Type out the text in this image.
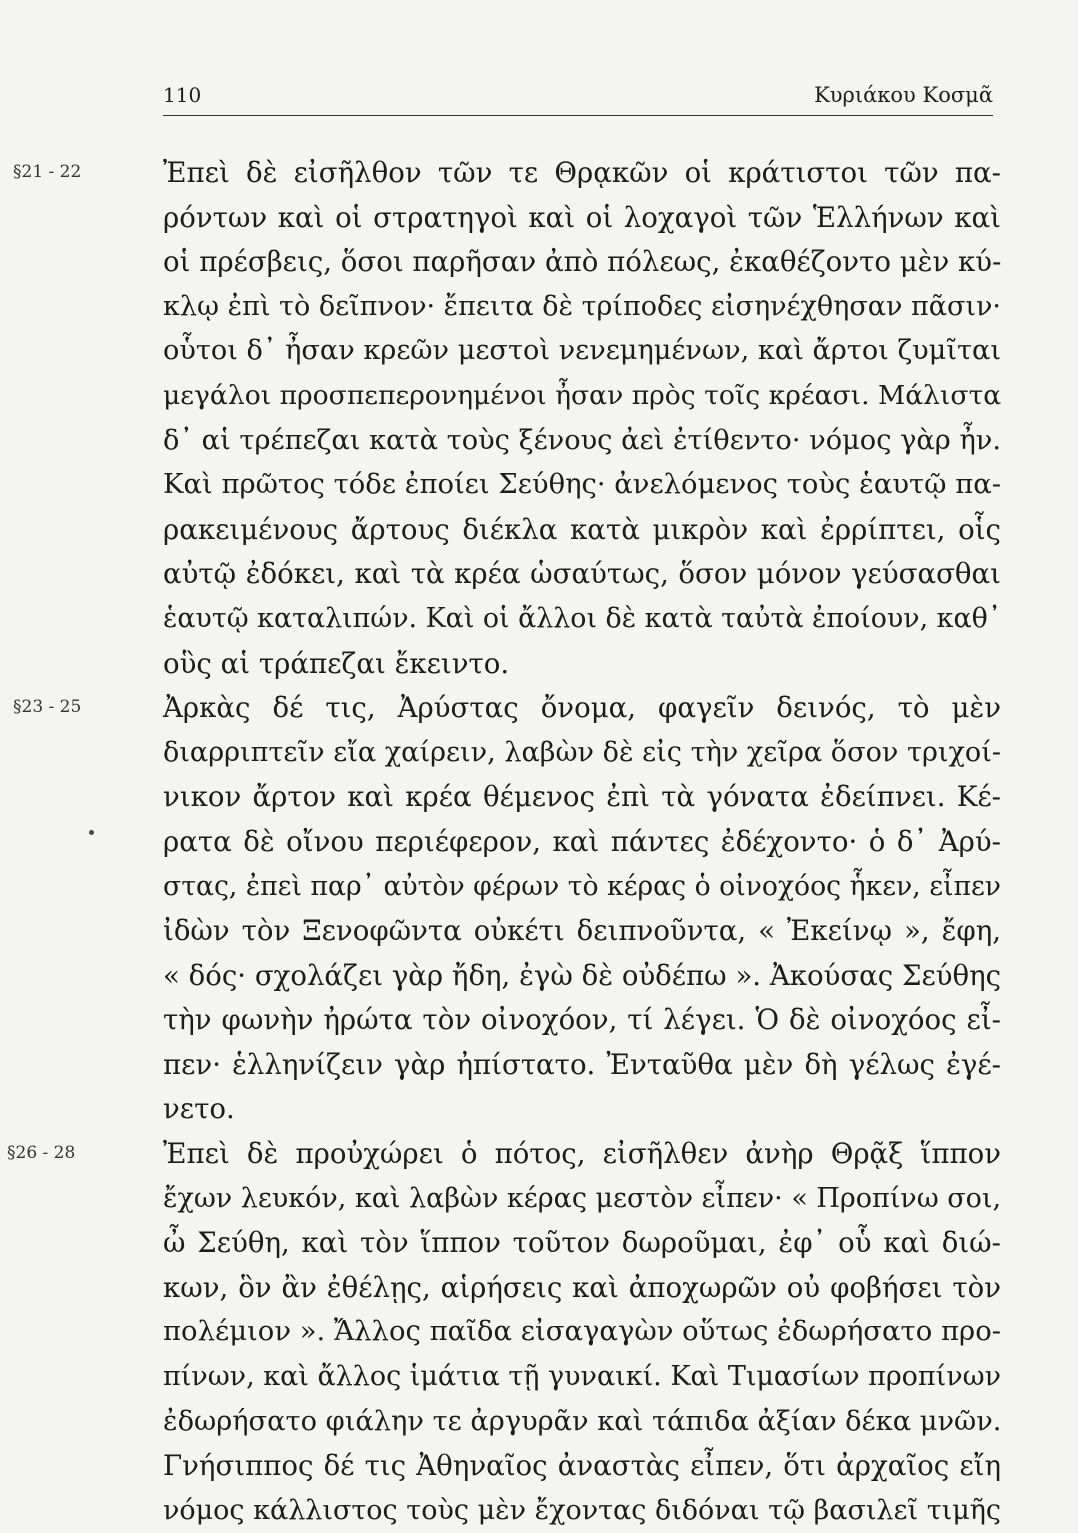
110	Κυριάκου Κοσμᾶ
§21 - 22	Ἐπεὶ δὲ εἰσῆλθον τῶν τε Θρᾳκῶν οἱ κράτιστοι τῶν πα-
ρόντων καὶ οἱ στρατηγοὶ καὶ οἱ λοχαγοὶ τῶν Ἑλλήνων καὶ
οἱ πρέσβεις, ὅσοι παρῆσαν ἀπὸ πόλεως, ἐκαθέζοντο μὲν κύ-
κλῳ ἐπὶ τὸ δεῖπνον· ἔπειτα δὲ τρίποδες εἰσηνέχθησαν πᾶσιν·
οὗτοι δ᾽ ἦσαν κρεῶν μεστοὶ νενεμημένων, καὶ ἄρτοι ζυμῖται
μεγάλοι προσπεπερονημένοι ἦσαν πρὸς τοῖς κρέασι. Μάλιστα
δ᾽ αἱ τρέπεζαι κατὰ τοὺς ξένους ἀεὶ ἐτίθεντο· νόμος γὰρ ἦν.
Καὶ πρῶτος τόδε ἐποίει Σεύθης· ἀνελόμενος τοὺς ἑαυτῷ πα-
ρακειμένους ἄρτους διέκλα κατὰ μικρὸν καὶ ἐρρίπτει, οἷς
αὐτῷ ἐδόκει, καὶ τὰ κρέα ὡσαύτως, ὅσον μόνον γεύσασθαι
ἑαυτῷ καταλιπών. Καὶ οἱ ἄλλοι δὲ κατὰ ταὐτὰ ἐποίουν, καθ᾽
οὓς αἱ τράπεζαι ἔκειντο.
§23 - 25	Ἀρκὰς δέ τις, Ἀρύστας ὄνομα, φαγεῖν δεινός, τὸ μὲν
διαρριπτεῖν εἴα χαίρειν, λαβὼν δὲ εἰς τὴν χεῖρα ὅσον τριχοί-
νικον ἄρτον καὶ κρέα θέμενος ἐπὶ τὰ γόνατα ἐδείπνει. Κέ-
ρατα δὲ οἴνου περιέφερον, καὶ πάντες ἐδέχοντο· ὁ δ᾽ Ἀρύ-
στας, ἐπεὶ παρ᾽ αὐτὸν φέρων τὸ κέρας ὁ οἰνοχόος ἧκεν, εἶπεν
ἰδὼν τὸν Ξενοφῶντα οὐκέτι δειπνοῦντα, « Ἐκείνῳ », ἔφη,
« δός· σχολάζει γὰρ ἤδη, ἐγὼ δὲ οὐδέπω ». Ἀκούσας Σεύθης
τὴν φωνὴν ἠρώτα τὸν οἰνοχόον, τί λέγει. Ὁ δὲ οἰνοχόος εἶ-
πεν· ἑλληνίζειν γὰρ ἠπίστατο. Ἐνταῦθα μὲν δὴ γέλως ἐγέ-
νετο.
§26 - 28	Ἐπεὶ δὲ προὐχώρει ὁ πότος, εἰσῆλθεν ἀνὴρ Θρᾷξ ἵππον
ἔχων λευκόν, καὶ λαβὼν κέρας μεστὸν εἶπεν· « Προπίνω σοι,
ὦ Σεύθη, καὶ τὸν ἵππον τοῦτον δωροῦμαι, ἐφ᾽ οὗ καὶ διώ-
κων, ὃν ἂν ἐθέλῃς, αἱρήσεις καὶ ἀποχωρῶν οὐ φοβήσει τὸν
πολέμιον ». Ἄλλος παῖδα εἰσαγαγὼν οὕτως ἐδωρήσατο προ-
πίνων, καὶ ἄλλος ἱμάτια τῇ γυναικί. Καὶ Τιμασίων προπίνων
ἐδωρήσατο φιάλην τε ἀργυρᾶν καὶ τάπιδα ἀξίαν δέκα μνῶν.
Γνήσιππος δέ τις Ἀθηναῖος ἀναστὰς εἶπεν, ὅτι ἀρχαῖος εἴη
νόμος κάλλιστος τοὺς μὲν ἔχοντας διδόναι τῷ βασιλεῖ τιμῆς
